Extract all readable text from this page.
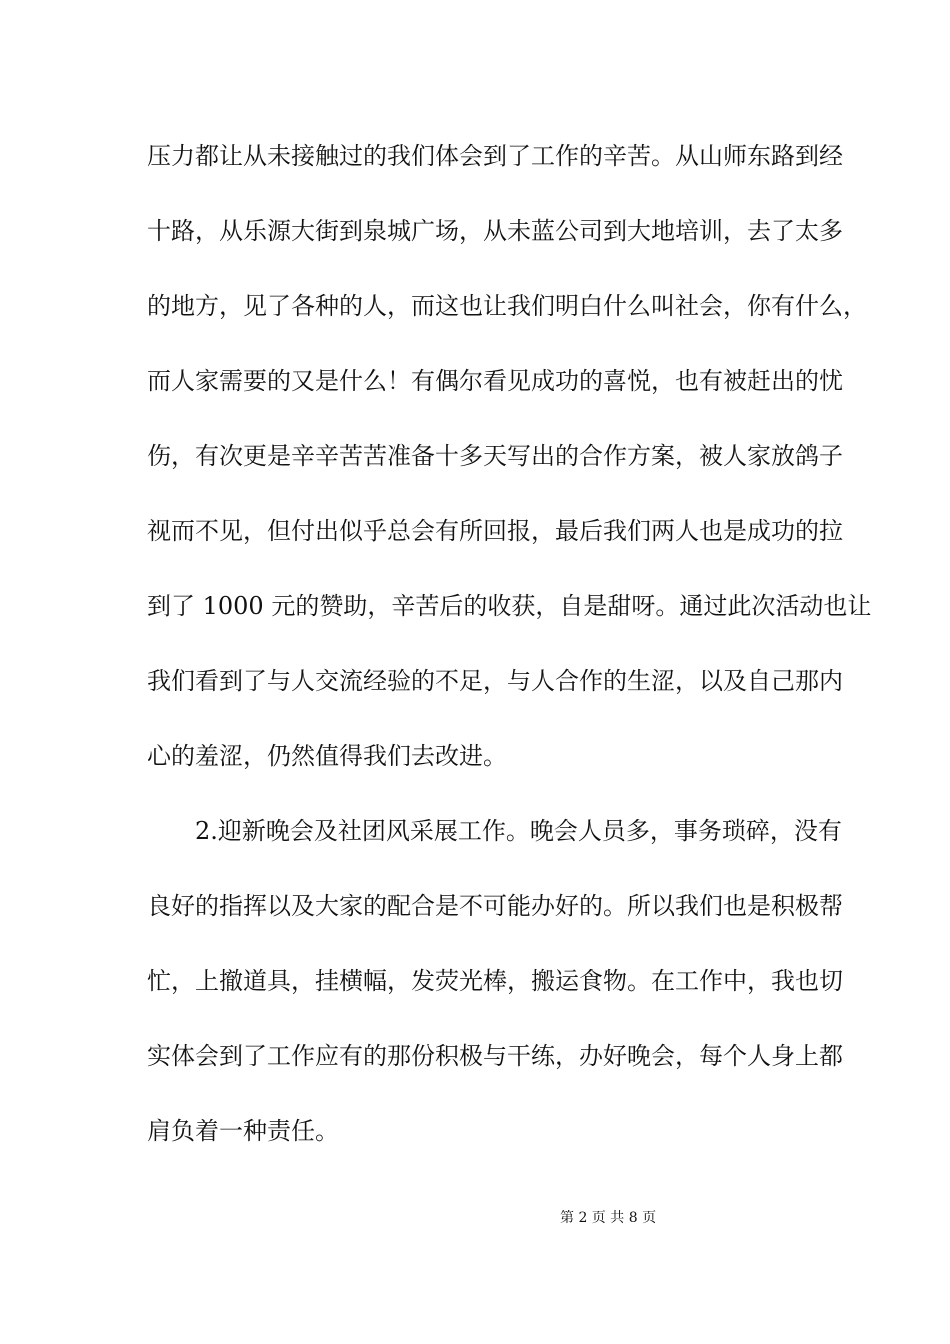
压力都让从未接触过的我们体会到了工作的辛苦。从山师东路到经
十路，从乐源大街到泉城广场，从未蓝公司到大地培训，去了太多
的地方，见了各种的人，而这也让我们明白什么叫社会，你有什么，
而人家需要的又是什么！有偶尔看见成功的喜悦，也有被赶出的忧
伤，有次更是辛辛苦苦准备十多天写出的合作方案，被人家放鸽子
视而不见，但付出似乎总会有所回报，最后我们两人也是成功的拉
到了 1000 元的赞助，辛苦后的收获，自是甜呀。通过此次活动也让
我们看到了与人交流经验的不足，与人合作的生涩，以及自己那内
心的羞涩，仍然值得我们去改进。
2.迎新晚会及社团风采展工作。晚会人员多，事务琐碎，没有
良好的指挥以及大家的配合是不可能办好的。所以我们也是积极帮
忙，上撤道具，挂横幅，发荧光棒，搬运食物。在工作中，我也切
实体会到了工作应有的那份积极与干练，办好晚会，每个人身上都
肩负着一种责任。
第 2 页 共 8 页
